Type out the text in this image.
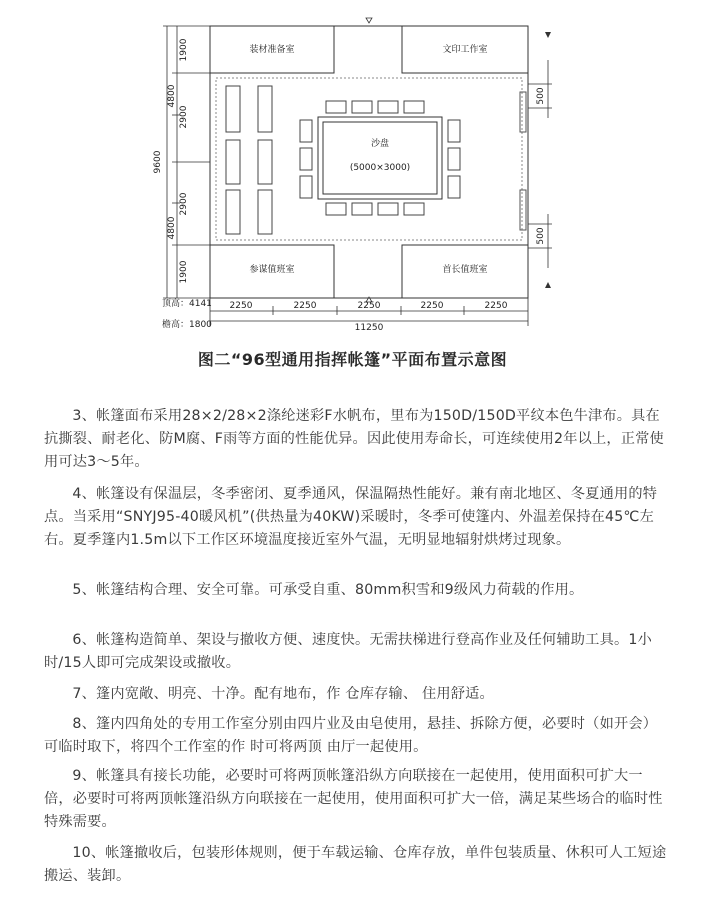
9600
4800
4800
1900
2900
2900
1900
500
500
2250	2250	2250	2250	2250
11250
顶高：4141
檐高：1800
装材准备室	文印工作室
参谋值班室	首长值班室
沙盘
(5000×3000)
图二“96型通用指挥帐篷”平面布置示意图

3、帐篷面布采用28×2/28×2涤纶迷彩F水帆布，里布为150D/150D平纹本色牛津布。具在抗撕裂、耐老化、防M腐、F雨等方面的性能优异。因此使用寿命长，可连续使用2年以上，正常使用可达3～5年。

4、帐篷设有保温层，冬季密闭、夏季通风，保温隔热性能好。兼有南北地区、冬夏通用的特点。当采用“SNYJ95-40暖风机”(供热量为40KW)采暖时，冬季可使篷内、外温差保持在45℃左右。夏季篷内1.5m以下工作区环境温度接近室外气温，无明显地辐射烘烤过现象。

5、帐篷结构合理、安全可靠。可承受自重、80mm积雪和9级风力荷载的作用。

6、帐篷构造简单、架设与撤收方便、速度快。无需扶梯进行登高作业及任何辅助工具。1小时/15人即可完成架设或撤收。

7、篷内宽敞、明亮、十净。配有地布，作 仓库存输、 住用舒适。

8、篷内四角处的专用工作室分别由四片业及由皂使用，悬挂、拆除方便，必要时（如开会）可临时取下，将四个工作室的作 时可将两顶 由厅一起使用。

9、帐篷具有接长功能，必要时可将两顶帐篷沿纵方向联接在一起使用，使用面积可扩大一倍，必要时可将两顶帐篷沿纵方向联接在一起使用，使用面积可扩大一倍，满足某些场合的临时性特殊需要。

10、帐篷撤收后，包装形体规则，便于车载运输、仓库存放，单件包装质量、休积可人工短途搬运、装卸。
